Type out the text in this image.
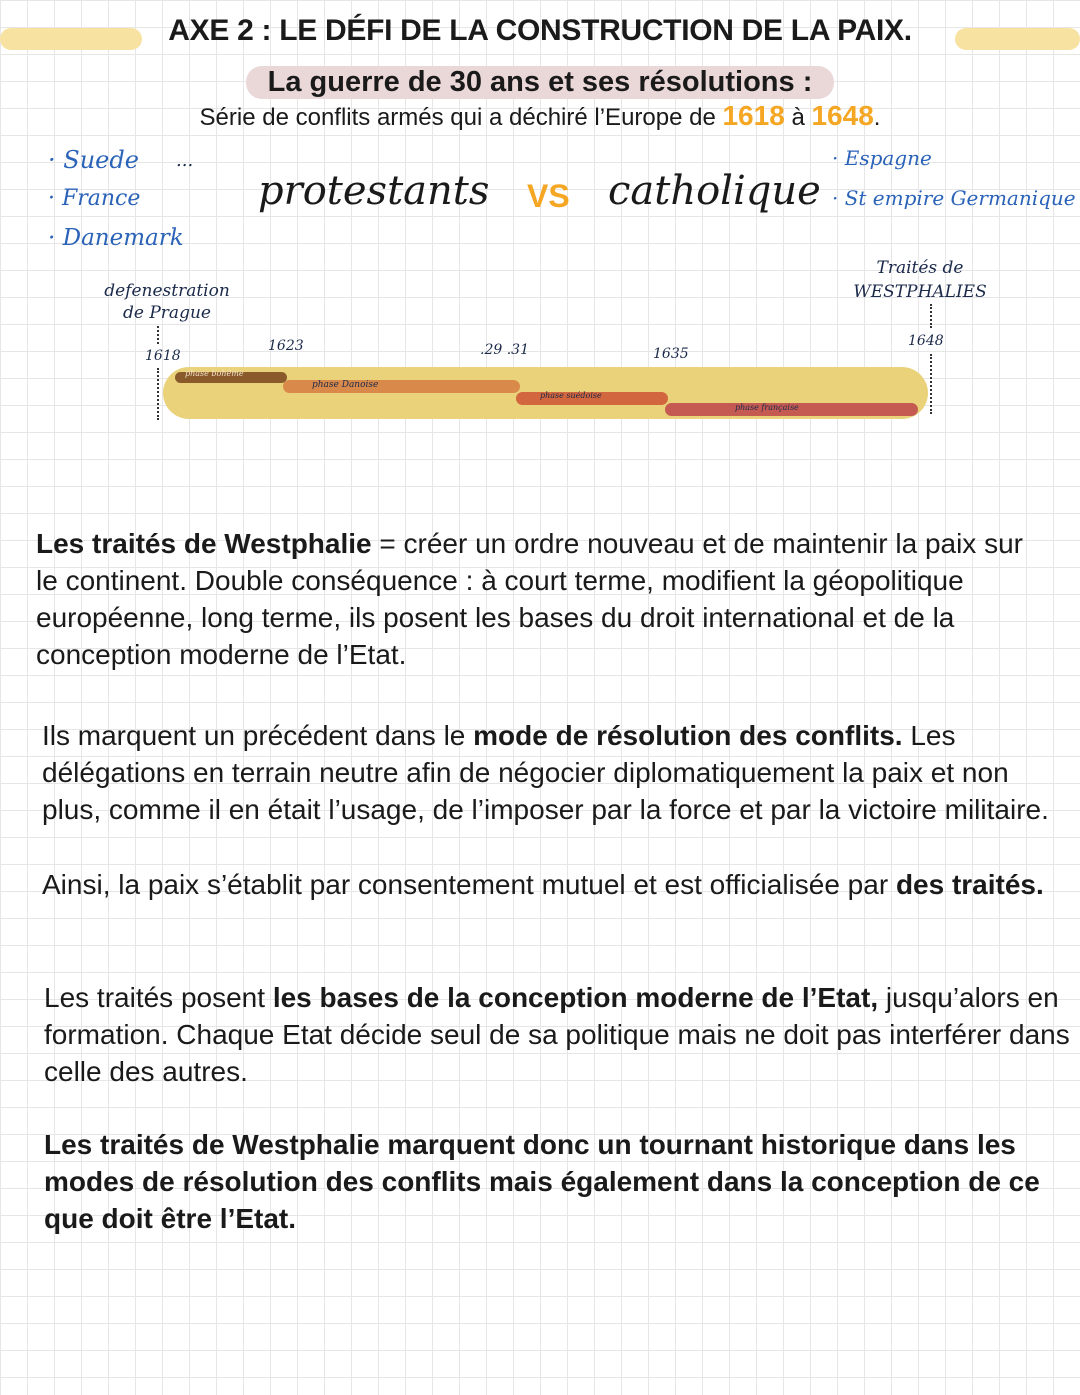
AXE 2 : LE DÉFI DE LA CONSTRUCTION DE LA PAIX.
La guerre de 30 ans et ses résolutions :
Série de conflits armés qui a déchiré l’Europe de 1618 à 1648.
· Suede
· France
· Danemark
...
protestants VS catholique
· Espagne
· St empire Germanique
defenestration de Prague
Traités de WESTPHALIES
1618
1623	.29 .31	1635
1648
phase bohême
phase Danoise
phase suédoise
phase française
Les traités de Westphalie = créer un ordre nouveau et de maintenir la paix sur le continent. Double conséquence : à court terme, modifient la géopolitique européenne, long terme, ils posent les bases du droit international et de la conception moderne de l’Etat.
Ils marquent un précédent dans le mode de résolution des conflits. Les délégations en terrain neutre afin de négocier diplomatiquement la paix et non plus, comme il en était l’usage, de l’imposer par la force et par la victoire militaire.
Ainsi, la paix s’établit par consentement mutuel et est officialisée par des traités.
Les traités posent les bases de la conception moderne de l’Etat, jusqu’alors en formation. Chaque Etat décide seul de sa politique mais ne doit pas interférer dans celle des autres.
Les traités de Westphalie marquent donc un tournant historique dans les modes de résolution des conflits mais également dans la conception de ce que doit être l’Etat.
